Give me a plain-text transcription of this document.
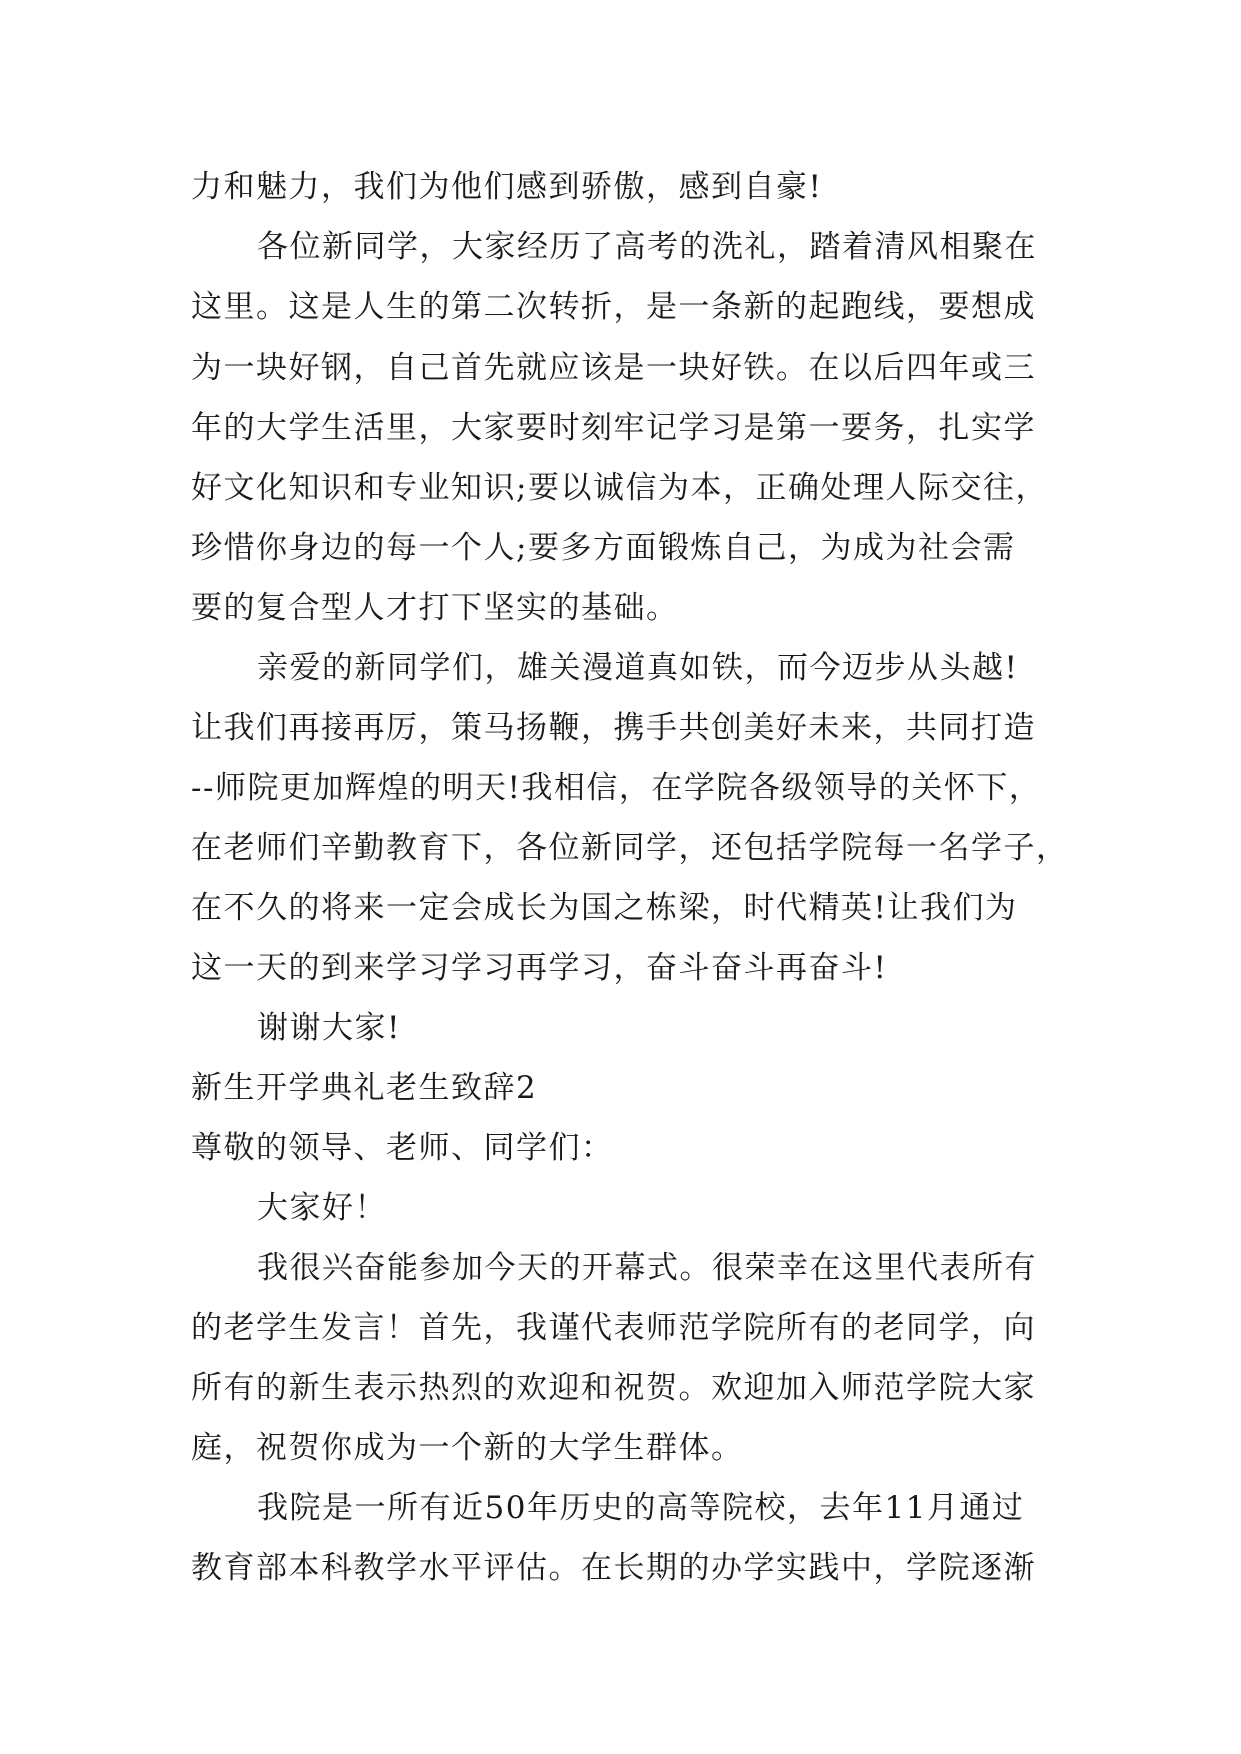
力和魅力，我们为他们感到骄傲，感到自豪!
各位新同学，大家经历了高考的洗礼，踏着清风相聚在
这里。这是人生的第二次转折，是一条新的起跑线，要想成
为一块好钢，自己首先就应该是一块好铁。在以后四年或三
年的大学生活里，大家要时刻牢记学习是第一要务，扎实学
好文化知识和专业知识;要以诚信为本，正确处理人际交往，
珍惜你身边的每一个人;要多方面锻炼自己，为成为社会需
要的复合型人才打下坚实的基础。
亲爱的新同学们，雄关漫道真如铁，而今迈步从头越!
让我们再接再厉，策马扬鞭，携手共创美好未来，共同打造
--师院更加辉煌的明天!我相信，在学院各级领导的关怀下，
在老师们辛勤教育下，各位新同学，还包括学院每一名学子，
在不久的将来一定会成长为国之栋梁，时代精英!让我们为
这一天的到来学习学习再学习，奋斗奋斗再奋斗!
谢谢大家!
新生开学典礼老生致辞2
尊敬的领导、老师、同学们：
大家好！
我很兴奋能参加今天的开幕式。很荣幸在这里代表所有
的老学生发言！首先，我谨代表师范学院所有的老同学，向
所有的新生表示热烈的欢迎和祝贺。欢迎加入师范学院大家
庭，祝贺你成为一个新的大学生群体。
我院是一所有近50年历史的高等院校，去年11月通过
教育部本科教学水平评估。在长期的办学实践中，学院逐渐
